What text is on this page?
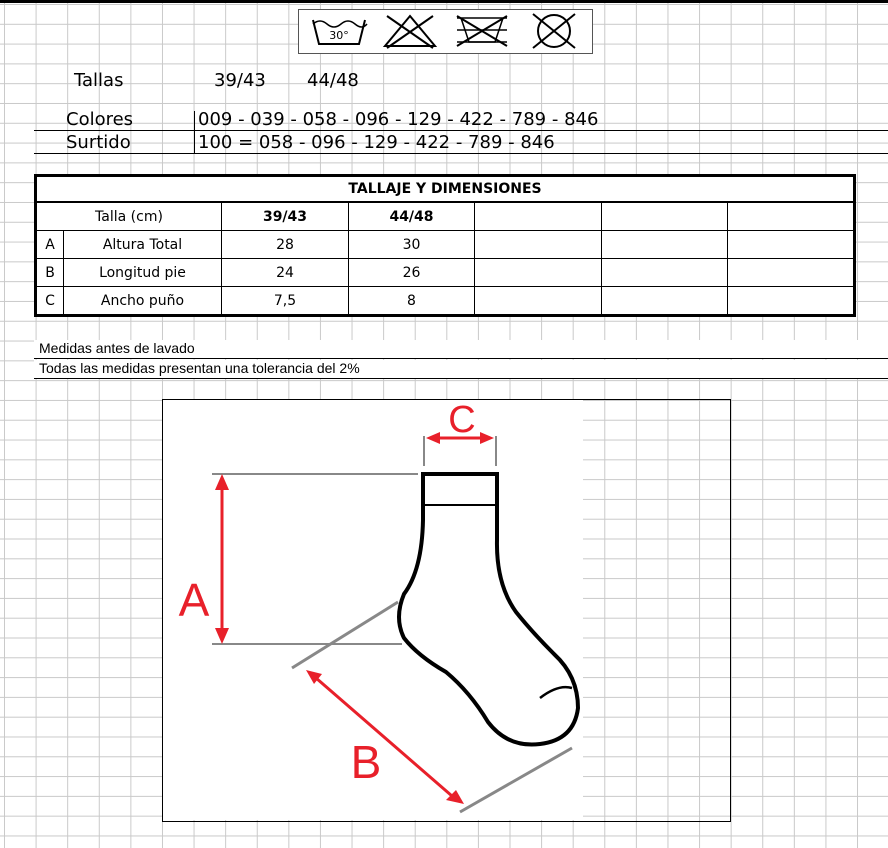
30°
Tallas	39/43 44/48
Colores	009 - 039 - 058 - 096 - 129 - 422 - 789 - 846
Surtido	100 = 058 - 096 - 129 - 422 - 789 - 846
TALLAJE Y DIMENSIONES						
Talla (cm)		39/43	44/48			
A	Altura Total	28	30			
B	Longitud pie	24	26			
C	Ancho puño	7,5	8			
Medidas antes de lavado
Todas las medidas presentan una tolerancia del 2%
A
B
C
